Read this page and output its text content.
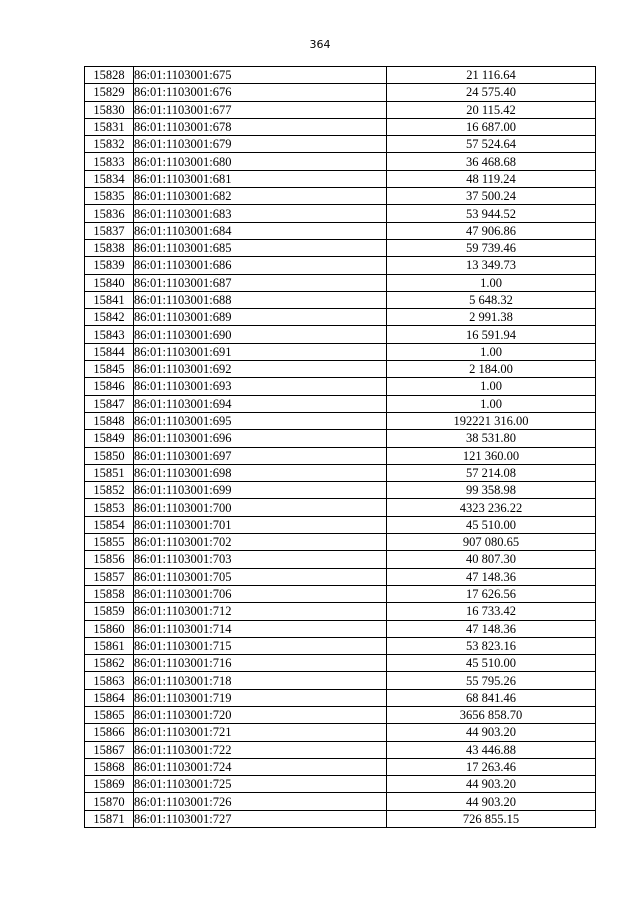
364
15828	86:01:1103001:675	21 116.64
15829	86:01:1103001:676	24 575.40
15830	86:01:1103001:677	20 115.42
15831	86:01:1103001:678	16 687.00
15832	86:01:1103001:679	57 524.64
15833	86:01:1103001:680	36 468.68
15834	86:01:1103001:681	48 119.24
15835	86:01:1103001:682	37 500.24
15836	86:01:1103001:683	53 944.52
15837	86:01:1103001:684	47 906.86
15838	86:01:1103001:685	59 739.46
15839	86:01:1103001:686	13 349.73
15840	86:01:1103001:687	1.00
15841	86:01:1103001:688	5 648.32
15842	86:01:1103001:689	2 991.38
15843	86:01:1103001:690	16 591.94
15844	86:01:1103001:691	1.00
15845	86:01:1103001:692	2 184.00
15846	86:01:1103001:693	1.00
15847	86:01:1103001:694	1.00
15848	86:01:1103001:695	192221 316.00
15849	86:01:1103001:696	38 531.80
15850	86:01:1103001:697	121 360.00
15851	86:01:1103001:698	57 214.08
15852	86:01:1103001:699	99 358.98
15853	86:01:1103001:700	4323 236.22
15854	86:01:1103001:701	45 510.00
15855	86:01:1103001:702	907 080.65
15856	86:01:1103001:703	40 807.30
15857	86:01:1103001:705	47 148.36
15858	86:01:1103001:706	17 626.56
15859	86:01:1103001:712	16 733.42
15860	86:01:1103001:714	47 148.36
15861	86:01:1103001:715	53 823.16
15862	86:01:1103001:716	45 510.00
15863	86:01:1103001:718	55 795.26
15864	86:01:1103001:719	68 841.46
15865	86:01:1103001:720	3656 858.70
15866	86:01:1103001:721	44 903.20
15867	86:01:1103001:722	43 446.88
15868	86:01:1103001:724	17 263.46
15869	86:01:1103001:725	44 903.20
15870	86:01:1103001:726	44 903.20
15871	86:01:1103001:727	726 855.15
